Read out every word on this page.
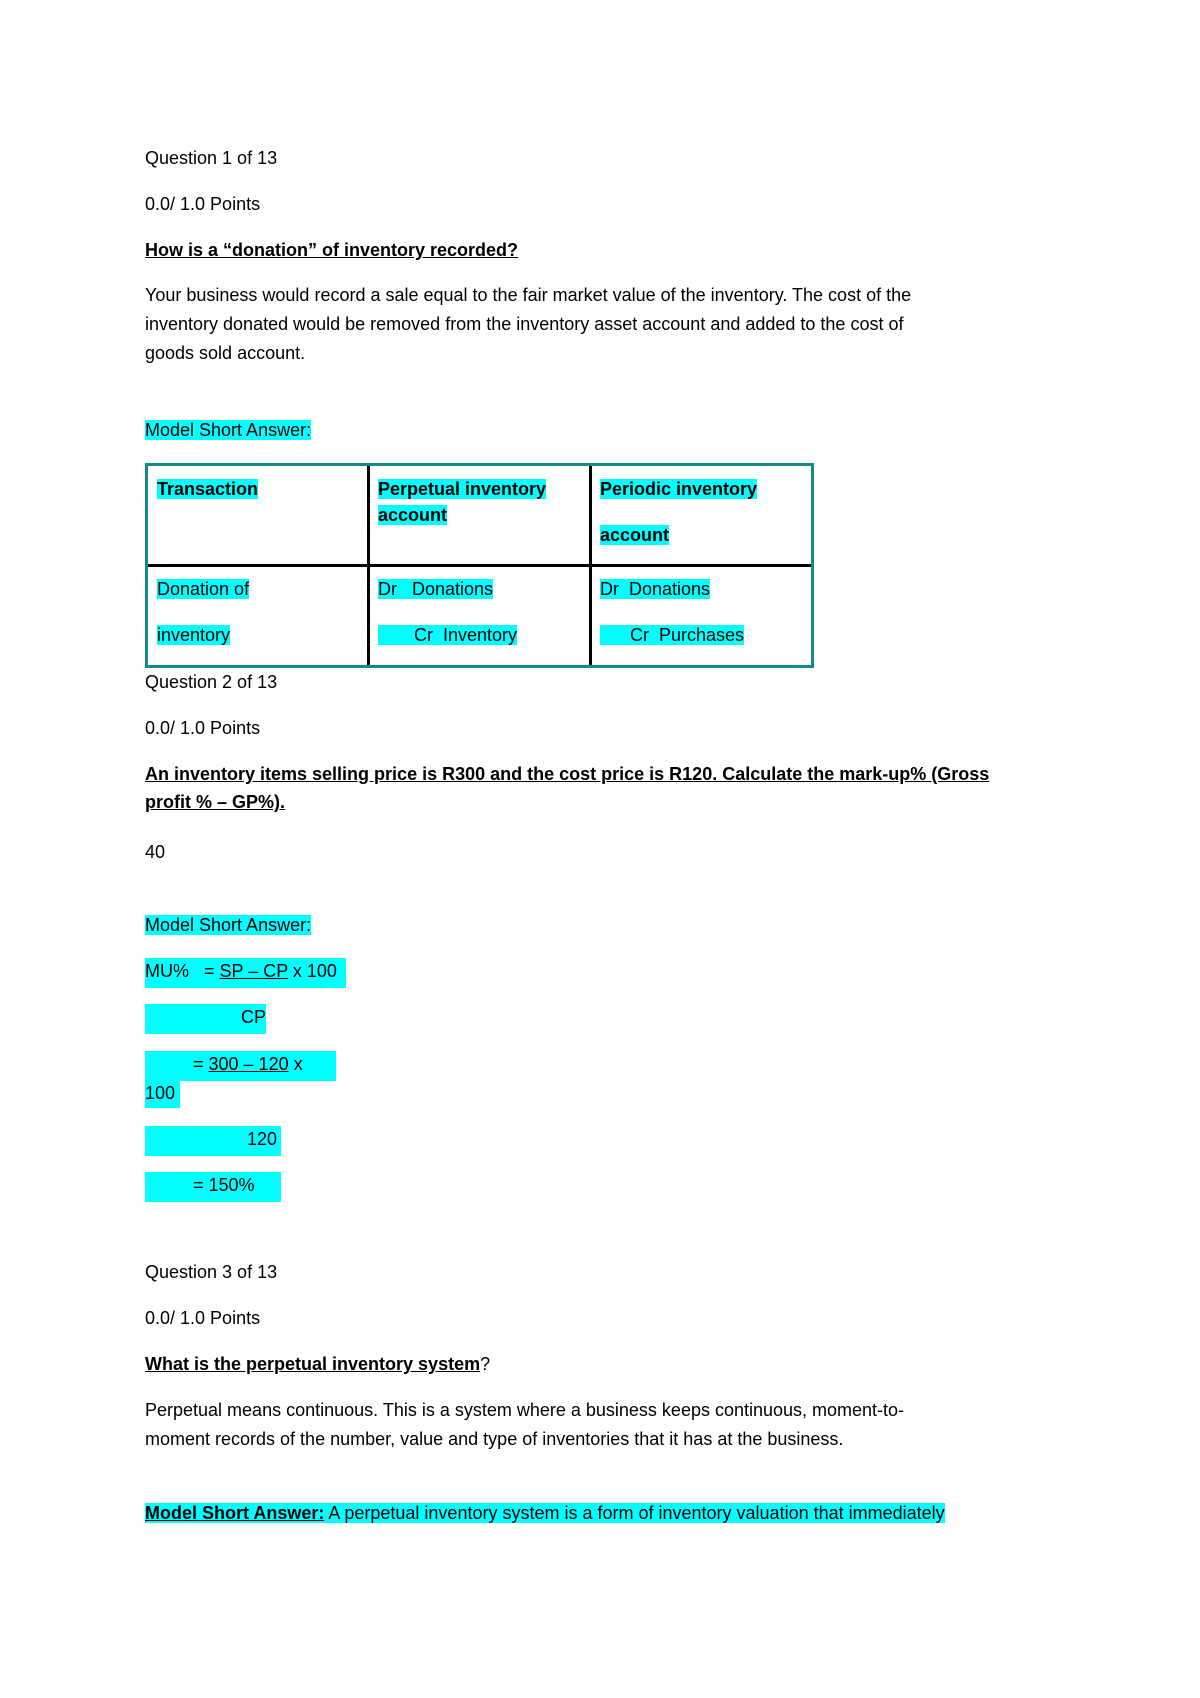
Question 1 of 13
0.0/ 1.0 Points
How is a “donation” of inventory recorded?
Your business would record a sale equal to the fair market value of the inventory. The cost of the
inventory donated would be removed from the inventory asset account and added to the cost of
goods sold account.
Model Short Answer:
Transaction	Perpetual inventory
account
Periodic inventory
account
Donation of
inventory
Dr   Donations
Cr  Inventory
Dr  Donations
Cr  Purchases
Question 2 of 13
0.0/ 1.0 Points
An inventory items selling price is R300 and the cost price is R120. Calculate the mark-up% (Gross
profit % – GP%).
40
Model Short Answer:
MU%   = SP – CP x 100
CP
= 300 – 120 x
100
120
= 150%
Question 3 of 13
0.0/ 1.0 Points
What is the perpetual inventory system?
Perpetual means continuous. This is a system where a business keeps continuous, moment-to-
moment records of the number, value and type of inventories that it has at the business.
Model Short Answer: A perpetual inventory system is a form of inventory valuation that immediately
